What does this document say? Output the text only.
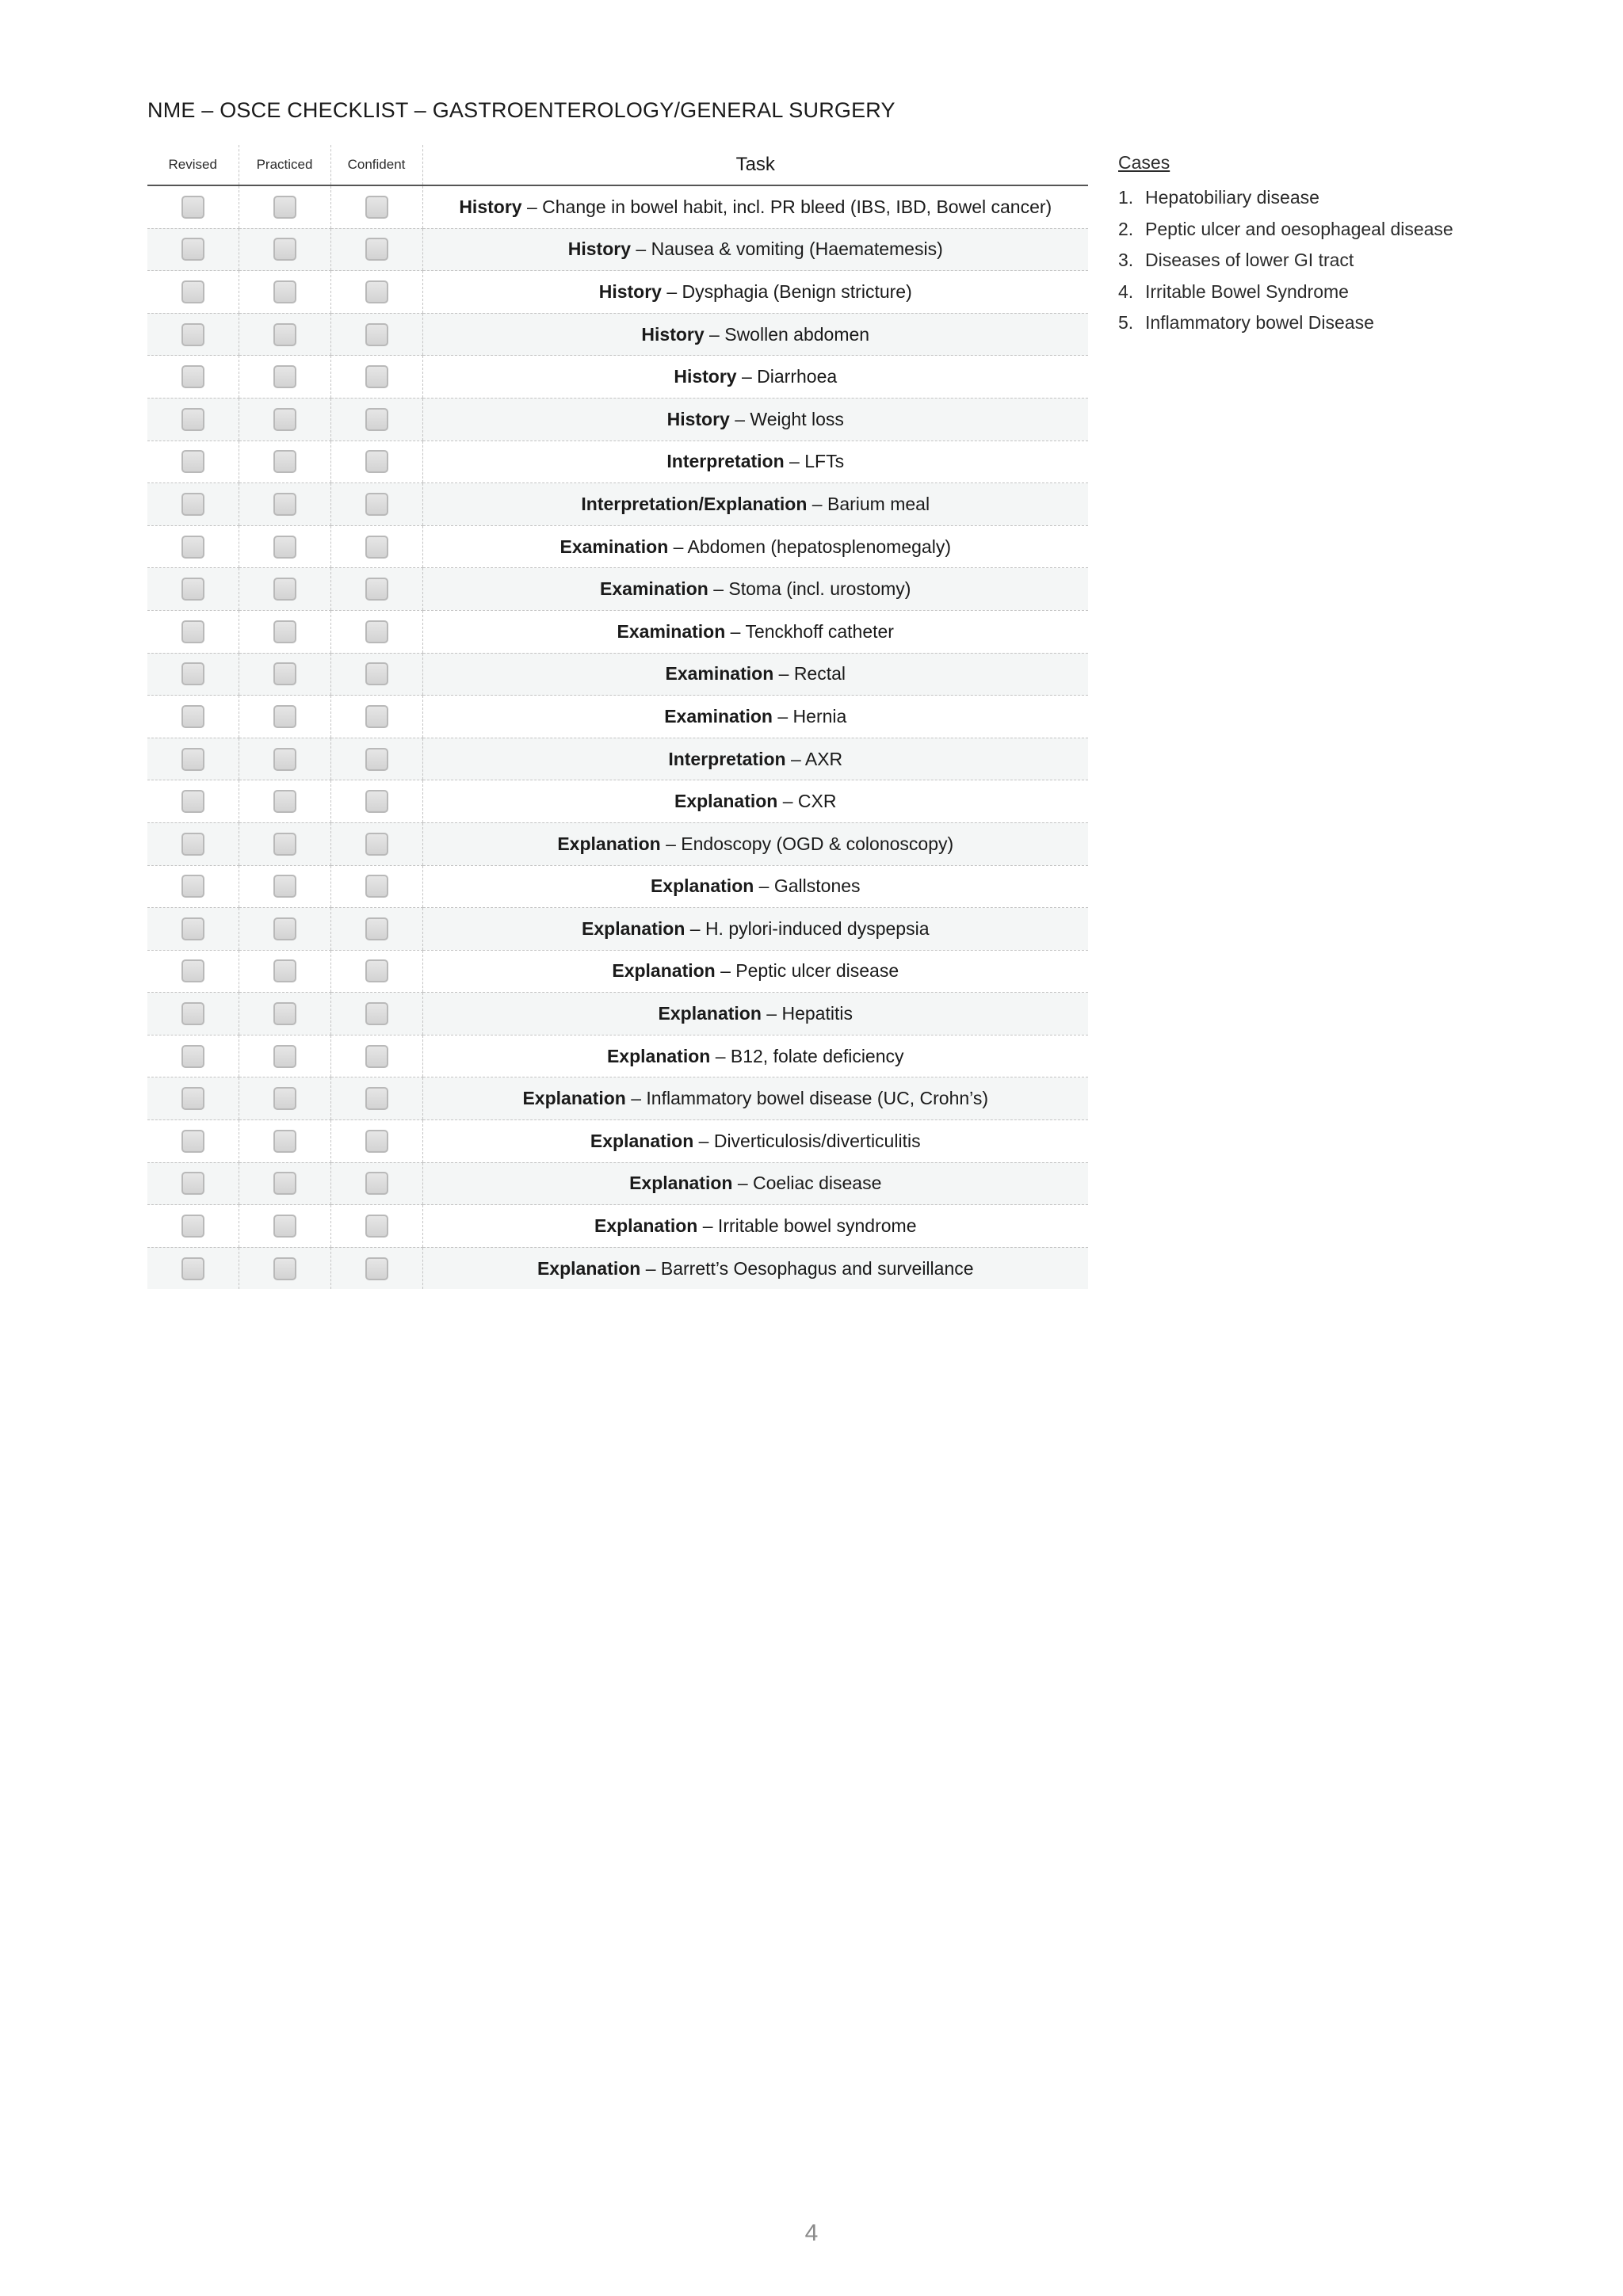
NME – OSCE CHECKLIST – GASTROENTEROLOGY/GENERAL SURGERY
Revised	Practiced	Confident	Task
			History – Change in bowel habit, incl. PR bleed (IBS, IBD, Bowel cancer)
			History – Nausea & vomiting (Haematemesis)
			History – Dysphagia (Benign stricture)
			History – Swollen abdomen
			History – Diarrhoea
			History – Weight loss
			Interpretation – LFTs
			Interpretation/Explanation – Barium meal
			Examination – Abdomen (hepatosplenomegaly)
			Examination – Stoma (incl. urostomy)
			Examination – Tenckhoff catheter
			Examination – Rectal
			Examination – Hernia
			Interpretation – AXR
			Explanation – CXR
			Explanation – Endoscopy (OGD & colonoscopy)
			Explanation – Gallstones
			Explanation – H. pylori-induced dyspepsia
			Explanation – Peptic ulcer disease
			Explanation – Hepatitis
			Explanation – B12, folate deficiency
			Explanation – Inflammatory bowel disease (UC, Crohn’s)
			Explanation – Diverticulosis/diverticulitis
			Explanation – Coeliac disease
			Explanation – Irritable bowel syndrome
			Explanation – Barrett’s Oesophagus and surveillance
Cases
1. Hepatobiliary disease
2. Peptic ulcer and oesophageal disease
3. Diseases of lower GI tract
4. Irritable Bowel Syndrome
5. Inflammatory bowel Disease
4
